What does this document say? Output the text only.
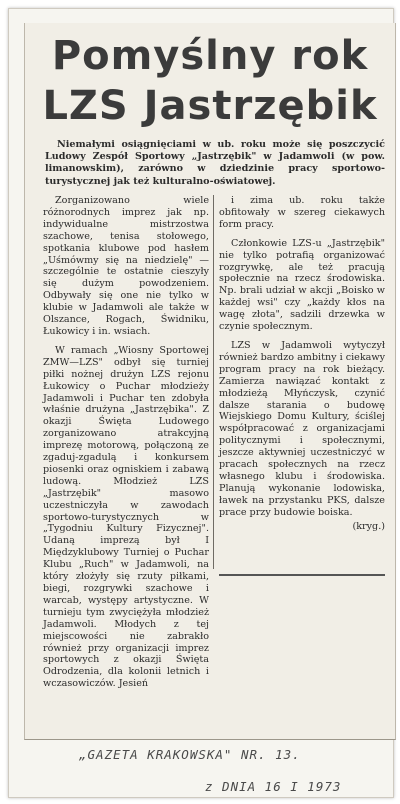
Pomyślny rok
LZS Jastrzębik

Niemałymi osiągnięciami w ub. roku może się poszczycić Ludowy Zespół Sportowy „Jastrzębik" w Jadamwoli (w pow. limanowskim), zarówno w dziedzinie pracy sportowo-turystycznej jak też kulturalno-oświatowej.

Zorganizowano wiele różnorodnych imprez jak np. indywidualne mistrzostwa szachowe, tenisa stołowego, spotkania klubowe pod hasłem „Uśmówmy się na niedzielę" — szczególnie te ostatnie cieszyły się dużym powodzeniem. Odbywały się one nie tylko w klubie w Jadamwoli ale także w Olszance, Rogach, Świdniku, Łukowicy i in. wsiach.

W ramach „Wiosny Sportowej ZMW—LZS" odbył się turniej piłki nożnej drużyn LZS rejonu Łukowicy o Puchar młodzieży Jadamwoli i Puchar ten zdobyła właśnie drużyna „Jastrzębika". Z okazji Święta Ludowego zorganizowano atrakcyjną imprezę motorową, połączoną ze zgaduj-zgadulą i konkursem piosenki oraz ogniskiem i zabawą ludową. Młodzież LZS „Jastrzębik" masowo uczestniczyła w zawodach sportowo-turystycznych w „Tygodniu Kultury Fizycznej". Udaną imprezą był I Międzyklubowy Turniej o Puchar Klubu „Ruch" w Jadamwoli, na który złożyły się rzuty piłkami, biegi, rozgrywki szachowe i warcab, występy artystyczne. W turnieju tym zwyciężyła młodzież Jadamwoli. Młodych z tej miejscowości nie zabrakło również przy organizacji imprez sportowych z okazji Święta Odrodzenia, dla kolonii letnich i wczasowiczów. Jesień

i zima ub. roku także obfitowały w szereg ciekawych form pracy.

Członkowie LZS-u „Jastrzębik" nie tylko potrafią organizować rozgrywkę, ale też pracują społecznie na rzecz środowiska. Np. brali udział w akcji „Boisko w każdej wsi" czy „każdy kłos na wagę złota", sadzili drzewka w czynie społecznym.

LZS w Jadamwoli wytyczył również bardzo ambitny i ciekawy program pracy na rok bieżący. Zamierza nawiązać kontakt z młodzieżą Młyńczysk, czynić dalsze starania o budowę Wiejskiego Domu Kultury, ściślej współpracować z organizacjami politycznymi i społecznymi, jeszcze aktywniej uczestniczyć w pracach społecznych na rzecz własnego klubu i środowiska. Planują wykonanie lodowiska, ławek na przystanku PKS, dalsze prace przy budowie boiska.

(kryg.)

„GAZETA KRAKOWSKA" NR. 13.

z DNIA 16 I 1973
